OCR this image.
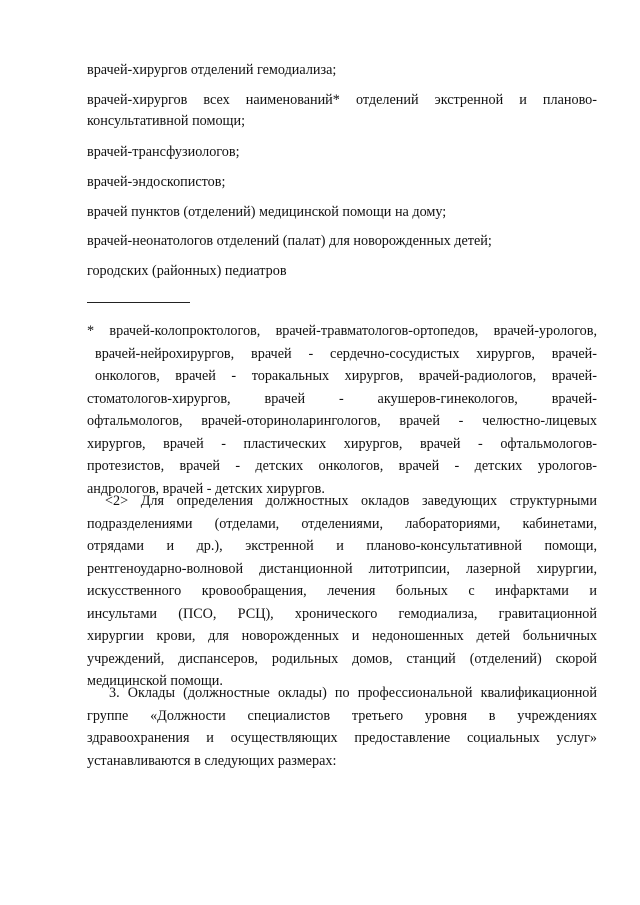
врачей-хирургов отделений гемодиализа;
врачей-хирургов всех наименований* отделений экстренной и планово-
консультативной помощи;
врачей-трансфузиологов;
врачей-эндоскопистов;
врачей пунктов (отделений) медицинской помощи на дому;
врачей-неонатологов отделений (палат) для новорожденных детей;
городских (районных) педиатров
* врачей-колопроктологов, врачей-травматологов-ортопедов, врачей-урологов,
врачей-нейрохирургов, врачей - сердечно-сосудистых хирургов, врачей-
онкологов, врачей - торакальных хирургов, врачей-радиологов, врачей-
стоматологов-хирургов, врачей - акушеров-гинекологов, врачей-
офтальмологов, врачей-оториноларингологов, врачей - челюстно-лицевых
хирургов, врачей - пластических хирургов, врачей - офтальмологов-
протезистов, врачей - детских онкологов, врачей - детских урологов-
андрологов, врачей - детских хирургов.
<2> Для определения должностных окладов заведующих структурными
подразделениями (отделами, отделениями, лабораториями, кабинетами,
отрядами и др.), экстренной и планово-консультативной помощи,
рентгеноударно-волновой дистанционной литотрипсии, лазерной хирургии,
искусственного кровообращения, лечения больных с инфарктами и
инсультами (ПСО, РСЦ), хронического гемодиализа, гравитационной
хирургии крови, для новорожденных и недоношенных детей больничных
учреждений, диспансеров, родильных домов, станций (отделений) скорой
медицинской помощи.
3. Оклады (должностные оклады) по профессиональной квалификационной
группе «Должности специалистов третьего уровня в учреждениях
здравоохранения и осуществляющих предоставление социальных услуг»
устанавливаются в следующих размерах:
